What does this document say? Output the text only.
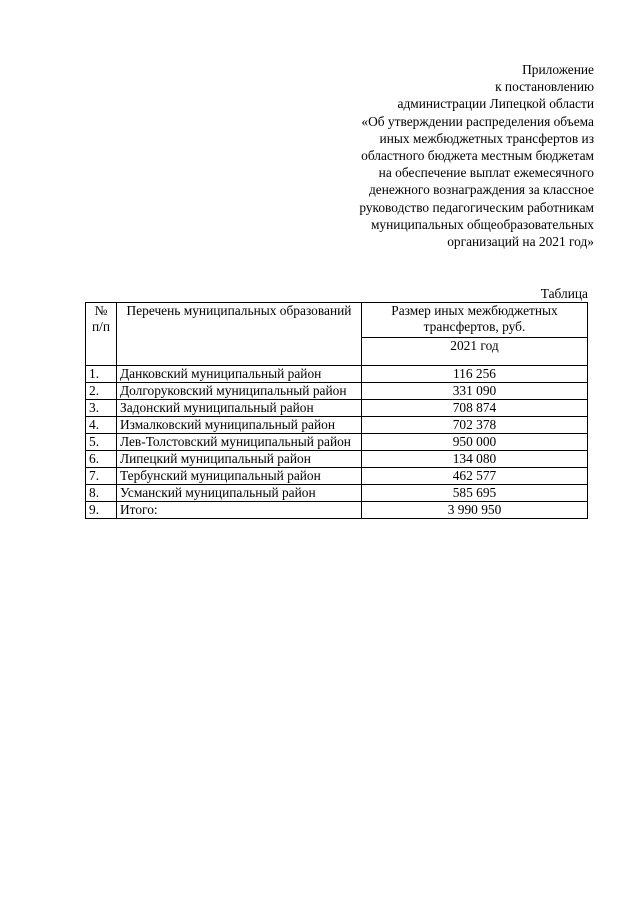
Приложение
к постановлению
администрации Липецкой области
«Об утверждении распределения объема
иных межбюджетных трансфертов из
областного бюджета местным бюджетам
на обеспечение выплат ежемесячного
денежного вознаграждения за классное
руководство педагогическим работникам
муниципальных общеобразовательных
организаций на 2021 год»
Таблица
№ п/п	Перечень муниципальных образований	Размер иных межбюджетных трансфертов, руб.
		2021 год
1.	Данковский муниципальный район	116 256
2.	Долгоруковский муниципальный район	331 090
3.	Задонский муниципальный район	708 874
4.	Измалковский муниципальный район	702 378
5.	Лев-Толстовский муниципальный район	950 000
6.	Липецкий муниципальный район	134 080
7.	Тербунский муниципальный район	462 577
8.	Усманский муниципальный район	585 695
9.	Итого:	3 990 950
